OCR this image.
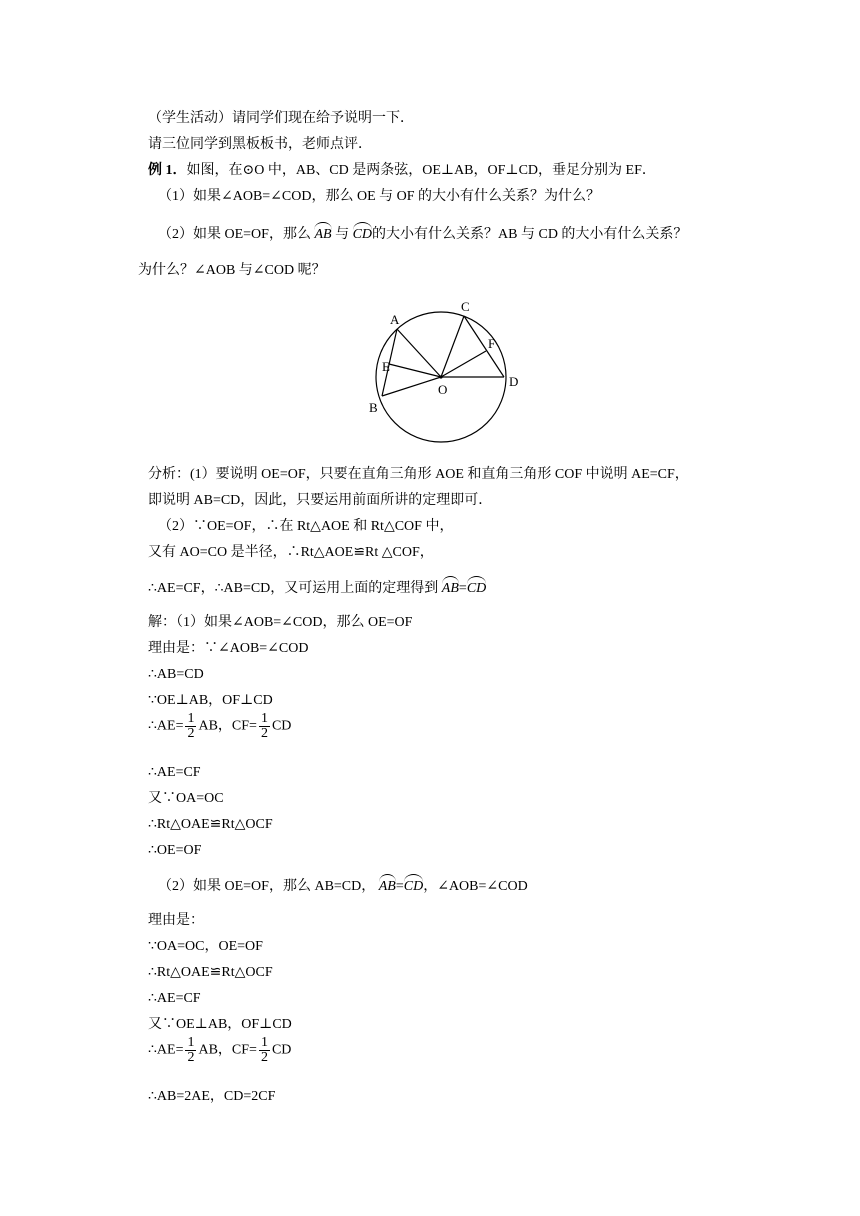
（学生活动）请同学们现在给予说明一下．
请三位同学到黑板板书，老师点评．
例 1．如图，在⊙O 中，AB、CD 是两条弦，OE⊥AB，OF⊥CD，垂足分别为 EF．
（1）如果∠AOB=∠COD，那么 OE 与 OF 的大小有什么关系？为什么？
（2）如果 OE=OF，那么 AB 与 CD的大小有什么关系？AB 与 CD 的大小有什么关系？
为什么？∠AOB 与∠COD 呢？
A
B
C
D
E
F
O
分析：(1）要说明 OE=OF，只要在直角三角形 AOE 和直角三角形 COF 中说明 AE=CF，
即说明 AB=CD，因此，只要运用前面所讲的定理即可．
（2）∵OE=OF，∴在 Rt△AOE 和 Rt△COF 中，
又有 AO=CO 是半径，∴Rt△AOE≌Rt △COF，
∴AE=CF，∴AB=CD，又可运用上面的定理得到 AB=CD
解：（1）如果∠AOB=∠COD，那么 OE=OF
理由是：∵∠AOB=∠COD
∴AB=CD
∵OE⊥AB，OF⊥CD
∴AE= $\frac{1}{2}$ AB，$CF= \frac{1}{2}$ CD
∴AE=CF
又∵OA=OC
∴Rt△OAE≌Rt△OCF
∴OE=OF
（2）如果 OE=OF，那么 AB=CD， AB=CD，∠AOB=∠COD
理由是：
∵OA=OC，OE=OF
∴Rt△OAE≌Rt△OCF
∴AE=CF
又∵OE⊥AB，OF⊥CD
∴AE= $\frac{1}{2}$ AB，$CF= \frac{1}{2}$ CD
∴AB=2AE，CD=2CF
